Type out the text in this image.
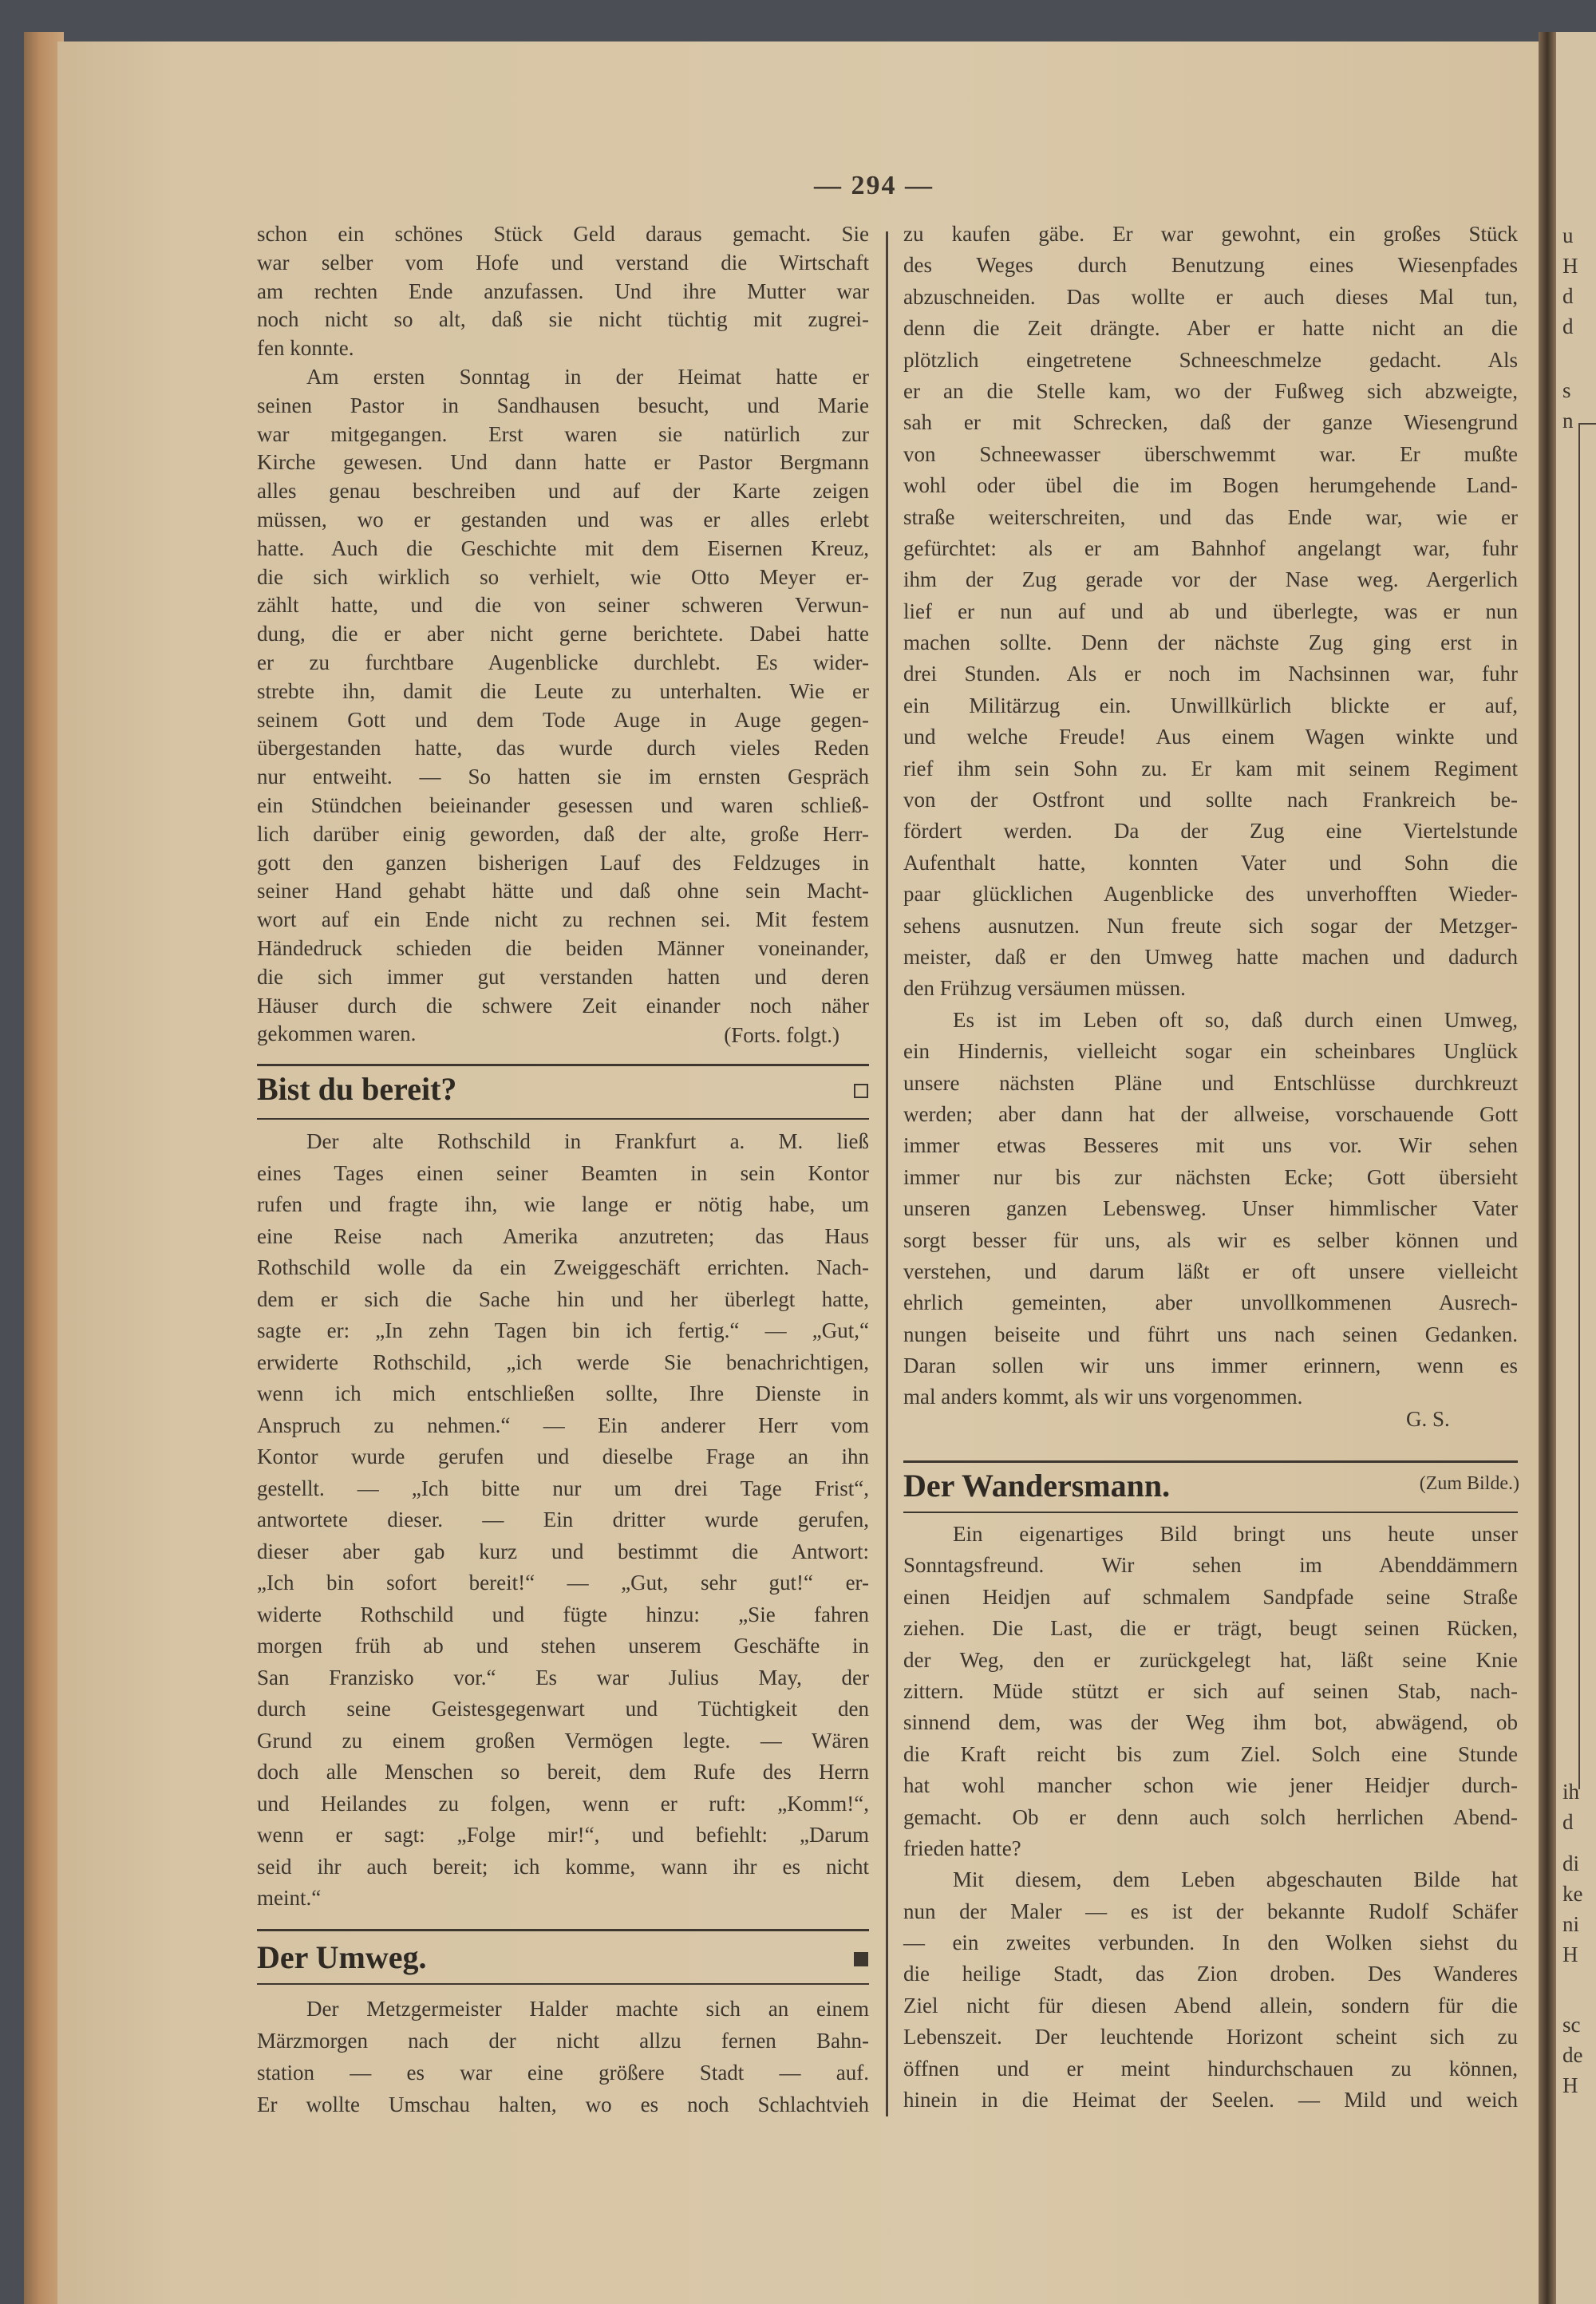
u
H
d
d
s
n
ih
d
di
ke
ni
H
sc
de
H
— 294 —
schon ein schönes Stück Geld daraus gemacht. Sie
war selber vom Hofe und verstand die Wirtschaft
am rechten Ende anzufassen. Und ihre Mutter war
noch nicht so alt, daß sie nicht tüchtig mit zugrei-
fen konnte.
Am ersten Sonntag in der Heimat hatte er
seinen Pastor in Sandhausen besucht, und Marie
war mitgegangen. Erst waren sie natürlich zur
Kirche gewesen. Und dann hatte er Pastor Bergmann
alles genau beschreiben und auf der Karte zeigen
müssen, wo er gestanden und was er alles erlebt
hatte. Auch die Geschichte mit dem Eisernen Kreuz,
die sich wirklich so verhielt, wie Otto Meyer er-
zählt hatte, und die von seiner schweren Verwun-
dung, die er aber nicht gerne berichtete. Dabei hatte
er zu furchtbare Augenblicke durchlebt. Es wider-
strebte ihn, damit die Leute zu unterhalten. Wie er
seinem Gott und dem Tode Auge in Auge gegen-
übergestanden hatte, das wurde durch vieles Reden
nur entweiht. — So hatten sie im ernsten Gespräch
ein Stündchen beieinander gesessen und waren schließ-
lich darüber einig geworden, daß der alte, große Herr-
gott den ganzen bisherigen Lauf des Feldzuges in
seiner Hand gehabt hätte und daß ohne sein Macht-
wort auf ein Ende nicht zu rechnen sei. Mit festem
Händedruck schieden die beiden Männer voneinander,
die sich immer gut verstanden hatten und deren
Häuser durch die schwere Zeit einander noch näher
gekommen waren.	(Forts. folgt.)
Bist du bereit?
Der alte Rothschild in Frankfurt a. M. ließ
eines Tages einen seiner Beamten in sein Kontor
rufen und fragte ihn, wie lange er nötig habe, um
eine Reise nach Amerika anzutreten; das Haus
Rothschild wolle da ein Zweiggeschäft errichten. Nach-
dem er sich die Sache hin und her überlegt hatte,
sagte er: „In zehn Tagen bin ich fertig.“ — „Gut,“
erwiderte Rothschild, „ich werde Sie benachrichtigen,
wenn ich mich entschließen sollte, Ihre Dienste in
Anspruch zu nehmen.“ — Ein anderer Herr vom
Kontor wurde gerufen und dieselbe Frage an ihn
gestellt. — „Ich bitte nur um drei Tage Frist“,
antwortete dieser. — Ein dritter wurde gerufen,
dieser aber gab kurz und bestimmt die Antwort:
„Ich bin sofort bereit!“ — „Gut, sehr gut!“ er-
widerte Rothschild und fügte hinzu: „Sie fahren
morgen früh ab und stehen unserem Geschäfte in
San Franzisko vor.“ Es war Julius May, der
durch seine Geistesgegenwart und Tüchtigkeit den
Grund zu einem großen Vermögen legte. — Wären
doch alle Menschen so bereit, dem Rufe des Herrn
und Heilandes zu folgen, wenn er ruft: „Komm!“,
wenn er sagt: „Folge mir!“, und befiehlt: „Darum
seid ihr auch bereit; ich komme, wann ihr es nicht
meint.“
Der Umweg.
Der Metzgermeister Halder machte sich an einem
Märzmorgen nach der nicht allzu fernen Bahn-
station — es war eine größere Stadt — auf.
Er wollte Umschau halten, wo es noch Schlachtvieh
zu kaufen gäbe. Er war gewohnt, ein großes Stück
des Weges durch Benutzung eines Wiesenpfades
abzuschneiden. Das wollte er auch dieses Mal tun,
denn die Zeit drängte. Aber er hatte nicht an die
plötzlich eingetretene Schneeschmelze gedacht. Als
er an die Stelle kam, wo der Fußweg sich abzweigte,
sah er mit Schrecken, daß der ganze Wiesengrund
von Schneewasser überschwemmt war. Er mußte
wohl oder übel die im Bogen herumgehende Land-
straße weiterschreiten, und das Ende war, wie er
gefürchtet: als er am Bahnhof angelangt war, fuhr
ihm der Zug gerade vor der Nase weg. Aergerlich
lief er nun auf und ab und überlegte, was er nun
machen sollte. Denn der nächste Zug ging erst in
drei Stunden. Als er noch im Nachsinnen war, fuhr
ein Militärzug ein. Unwillkürlich blickte er auf,
und welche Freude! Aus einem Wagen winkte und
rief ihm sein Sohn zu. Er kam mit seinem Regiment
von der Ostfront und sollte nach Frankreich be-
fördert werden. Da der Zug eine Viertelstunde
Aufenthalt hatte, konnten Vater und Sohn die
paar glücklichen Augenblicke des unverhofften Wieder-
sehens ausnutzen. Nun freute sich sogar der Metzger-
meister, daß er den Umweg hatte machen und dadurch
den Frühzug versäumen müssen.
Es ist im Leben oft so, daß durch einen Umweg,
ein Hindernis, vielleicht sogar ein scheinbares Unglück
unsere nächsten Pläne und Entschlüsse durchkreuzt
werden; aber dann hat der allweise, vorschauende Gott
immer etwas Besseres mit uns vor. Wir sehen
immer nur bis zur nächsten Ecke; Gott übersieht
unseren ganzen Lebensweg. Unser himmlischer Vater
sorgt besser für uns, als wir es selber können und
verstehen, und darum läßt er oft unsere vielleicht
ehrlich gemeinten, aber unvollkommenen Ausrech-
nungen beiseite und führt uns nach seinen Gedanken.
Daran sollen wir uns immer erinnern, wenn es
mal anders kommt, als wir uns vorgenommen.
G. S.
Der Wandersmann.	(Zum Bilde.)
Ein eigenartiges Bild bringt uns heute unser
Sonntagsfreund. Wir sehen im Abenddämmern
einen Heidjen auf schmalem Sandpfade seine Straße
ziehen. Die Last, die er trägt, beugt seinen Rücken,
der Weg, den er zurückgelegt hat, läßt seine Knie
zittern. Müde stützt er sich auf seinen Stab, nach-
sinnend dem, was der Weg ihm bot, abwägend, ob
die Kraft reicht bis zum Ziel. Solch eine Stunde
hat wohl mancher schon wie jener Heidjer durch-
gemacht. Ob er denn auch solch herrlichen Abend-
frieden hatte?
Mit diesem, dem Leben abgeschauten Bilde hat
nun der Maler — es ist der bekannte Rudolf Schäfer
— ein zweites verbunden. In den Wolken siehst du
die heilige Stadt, das Zion droben. Des Wanderes
Ziel nicht für diesen Abend allein, sondern für die
Lebenszeit. Der leuchtende Horizont scheint sich zu
öffnen und er meint hindurchschauen zu können,
hinein in die Heimat der Seelen. — Mild und weich
